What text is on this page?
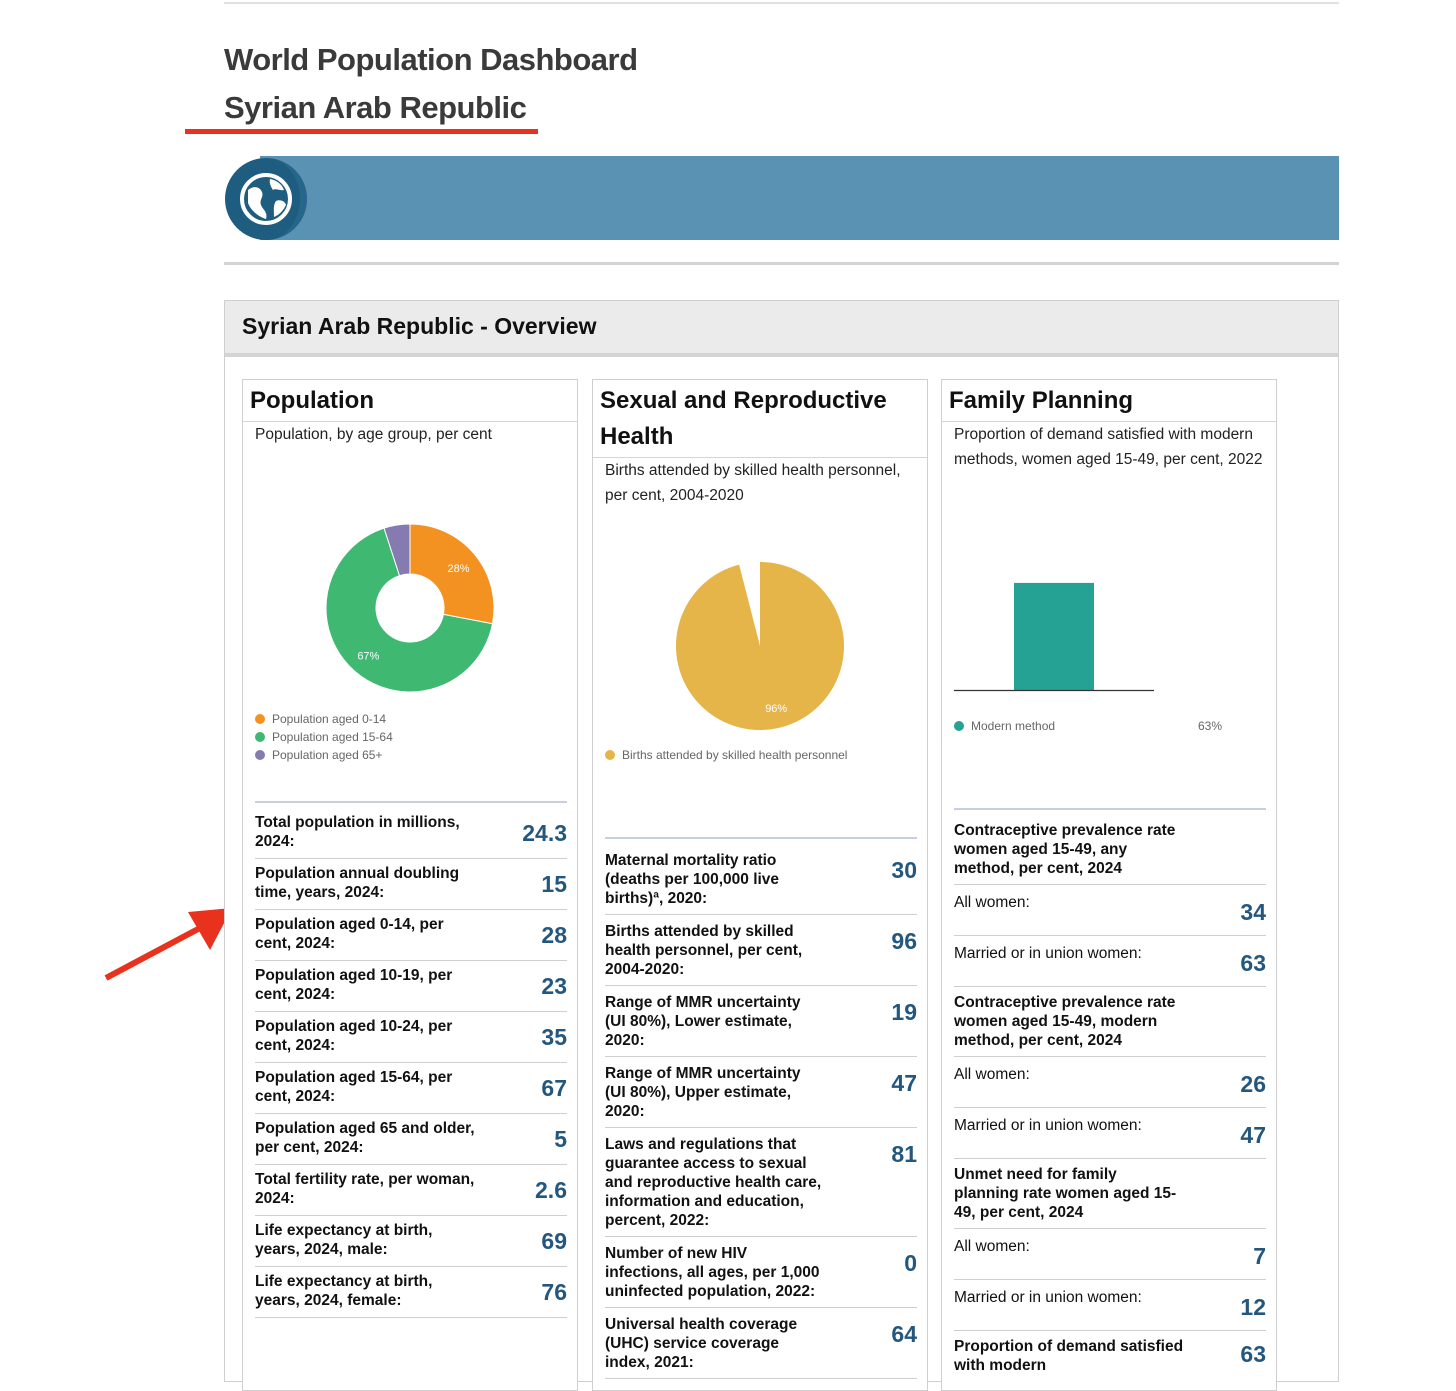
World Population Dashboard
Syrian Arab Republic
Syrian Arab Republic - Overview
Population
Population, by age group, per cent
28%
67%
Population aged 0-14
Population aged 15-64
Population aged 65+
Total population in millions, 2024:	24.3
Population annual doubling time, years, 2024:	15
Population aged 0-14, per cent, 2024:	28
Population aged 10-19, per cent, 2024:	23
Population aged 10-24, per cent, 2024:	35
Population aged 15-64, per cent, 2024:	67
Population aged 65 and older, per cent, 2024:	5
Total fertility rate, per woman, 2024:	2.6
Life expectancy at birth, years, 2024, male:	69
Life expectancy at birth, years, 2024, female:	76
Sexual and Reproductive Health
Births attended by skilled health personnel, per cent, 2004-2020
96%
Births attended by skilled health personnel
Maternal mortality ratio (deaths per 100,000 live births)ª, 2020:
30
Births attended by skilled health personnel, per cent, 2004-2020:
96
Range of MMR uncertainty (UI 80%), Lower estimate, 2020:
19
Range of MMR uncertainty (UI 80%), Upper estimate, 2020:
47
Laws and regulations that guarantee access to sexual and reproductive health care, information and education, percent, 2022:
81
Number of new HIV infections, all ages, per 1,000 uninfected population, 2022:
0
Universal health coverage (UHC) service coverage index, 2021:
64
Family Planning
Proportion of demand satisfied with modern methods, women aged 15-49, per cent, 2022
Modern method	63%
Contraceptive prevalence rate women aged 15-49, any method, per cent, 2024
All women:	34
Married or in union women:	63
Contraceptive prevalence rate women aged 15-49, modern method, per cent, 2024
All women:	26
Married or in union women:	47
Unmet need for family planning rate women aged 15-49, per cent, 2024
All women:	7
Married or in union women:	12
Proportion of demand satisfied with modern	63
